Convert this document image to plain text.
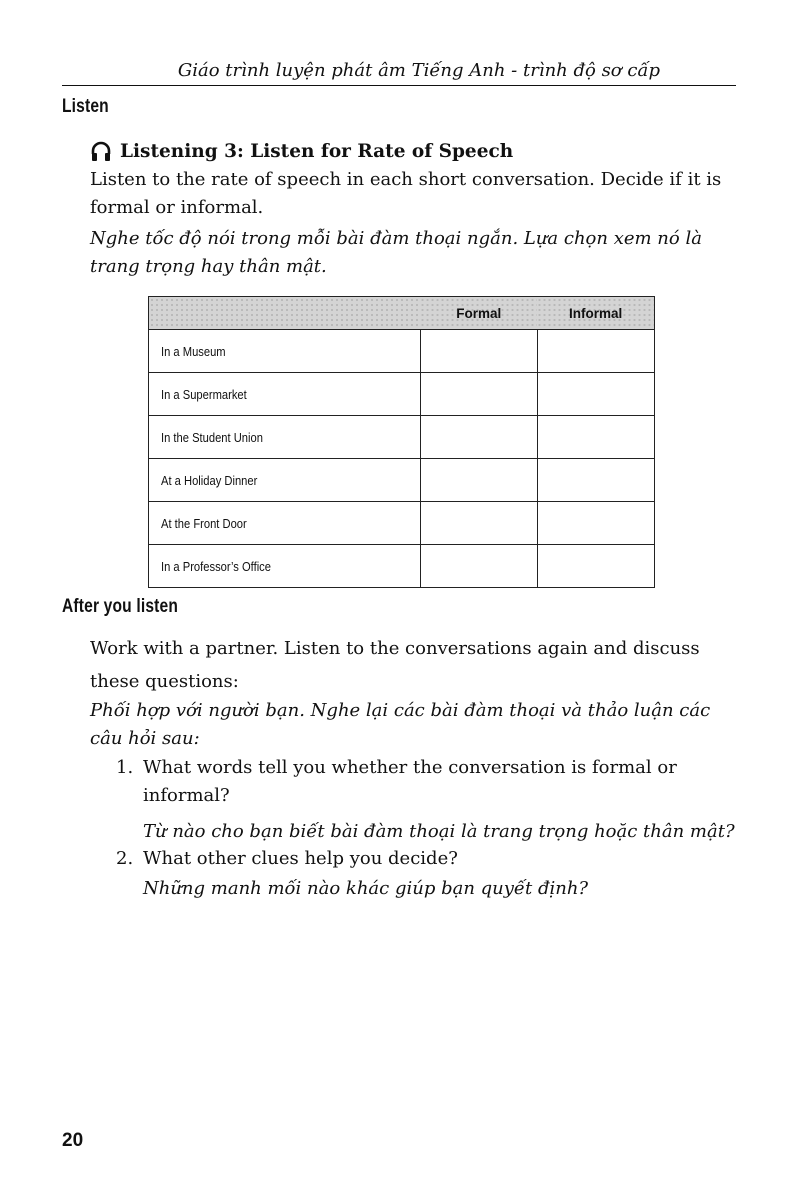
Giáo trình luyện phát âm Tiếng Anh - trình độ sơ cấp
Listen
Listening 3: Listen for Rate of Speech
Listen to the rate of speech in each short conversation. Decide if it is formal or informal.
Nghe tốc độ nói trong mỗi bài đàm thoại ngắn. Lựa chọn xem nó là trang trọng hay thân mật.
	Formal	Informal
In a Museum		
In a Supermarket		
In the Student Union		
At a Holiday Dinner		
At the Front Door		
In a Professor’s Office		
After you listen
Work with a partner. Listen to the conversations again and discuss these questions:
Phối hợp với người bạn. Nghe lại các bài đàm thoại và thảo luận các câu hỏi sau:
1. What words tell you whether the conversation is formal or informal?
Từ nào cho bạn biết bài đàm thoại là trang trọng hoặc thân mật?
2. What other clues help you decide?
Những manh mối nào khác giúp bạn quyết định?
20
